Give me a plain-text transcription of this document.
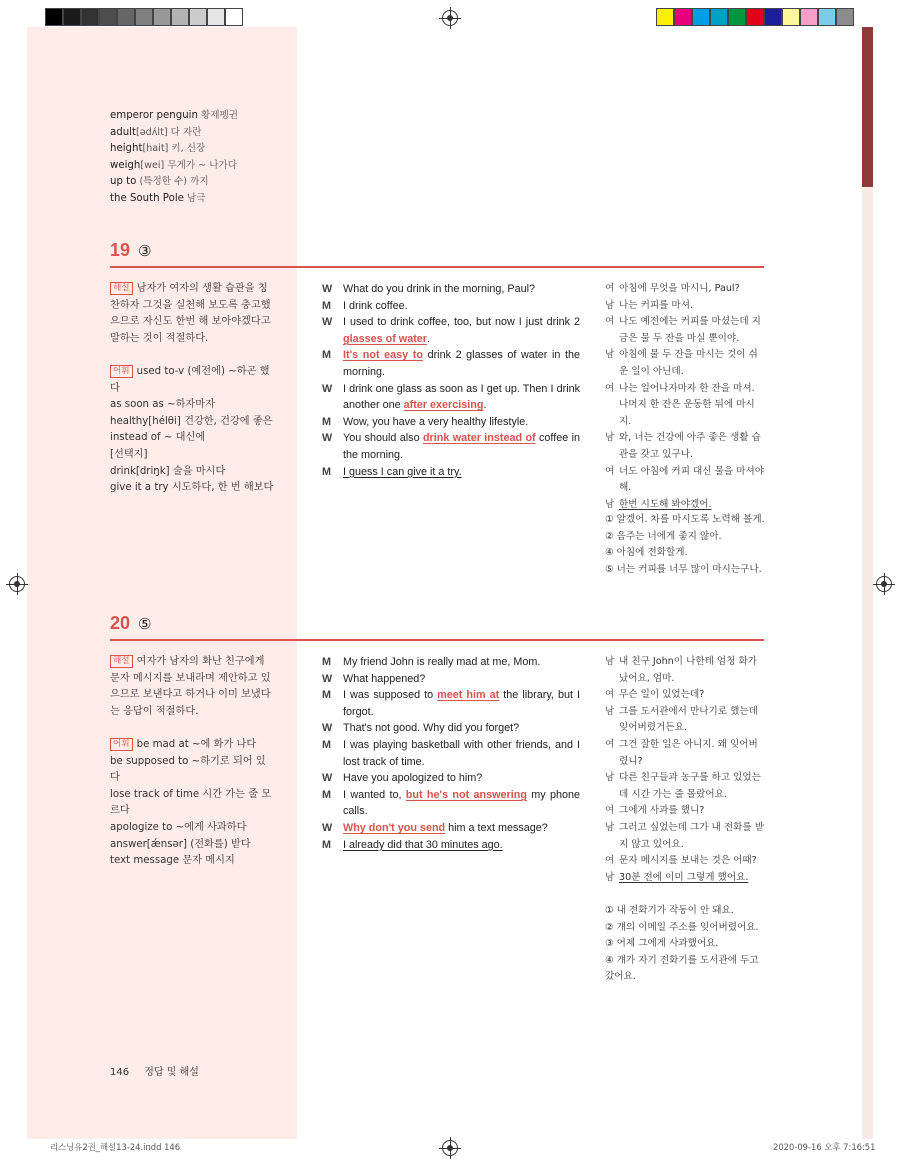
emperor penguin 황제펭귄
adult[ədʌ́lt] 다 자란
height[hait] 키, 신장
weigh[wei] 무게가 ~ 나가다
up to (특정한 수) 까지
the South Pole 남극
19 ③
해설 남자가 여자의 생활 습관을 칭찬하자 그것을 실천해 보도록 충고했으므로 자신도 한번 해 보아야겠다고 말하는 것이 적절하다.
어휘 used to-v (예전에) ~하곤 했다
as soon as ~하자마자
healthy[hélθi] 건강한, 건강에 좋은
instead of ~ 대신에
[선택지]
drink[driŋk] 술을 마시다
give it a try 시도하다, 한 번 해보다
W What do you drink in the morning, Paul?
M	I drink coffee.
W I used to drink coffee, too, but now I just drink 2 glasses of water.
M	It's not easy to drink 2 glasses of water in the morning.
W I drink one glass as soon as I get up. Then I drink another one after exercising.
M	Wow, you have a very healthy lifestyle.
W You should also drink water instead of coffee in the morning.
M	I guess I can give it a try.
여 아침에 무엇을 마시니, Paul?
남 나는 커피를 마셔.
여 나도 예전에는 커피를 마셨는데 지금은 물 두 잔을 마실 뿐이야.
남 아침에 물 두 잔을 마시는 것이 쉬운 일이 아닌데.
여 나는 일어나자마자 한 잔을 마셔. 나머지 한 잔은 운동한 뒤에 마시지.
남 와, 너는 건강에 아주 좋은 생활 습관을 갖고 있구나.
여 너도 아침에 커피 대신 물을 마셔야 해.
남 한번 시도해 봐야겠어.
① 알겠어. 차를 마시도록 노력해 볼게.
② 음주는 너에게 좋지 않아.
④ 아침에 전화할게.
⑤ 너는 커피를 너무 많이 마시는구나.
20 ⑤
해설 여자가 남자의 화난 친구에게 문자 메시지를 보내라며 제안하고 있으므로 보낸다고 하거나 이미 보냈다는 응답이 적절하다.
어휘 be mad at ~에 화가 나다
be supposed to ~하기로 되어 있다
lose track of time 시간 가는 줄 모르다
apologize to ~에게 사과하다
answer[ǽnsər] (전화를) 받다
text message 문자 메시지
M	My friend John is really mad at me, Mom.
W What happened?
M	I was supposed to meet him at the library, but I forgot.
W That's not good. Why did you forget?
M	I was playing basketball with other friends, and I lost track of time.
W Have you apologized to him?
M	I wanted to, but he's not answering my phone calls.
W Why don't you send him a text message?
M	I already did that 30 minutes ago.
남 내 친구 John이 나한테 엄청 화가 났어요, 엄마.
여 무슨 일이 있었는데?
남 그를 도서관에서 만나기로 했는데 잊어버렸거든요.
여 그건 잘한 일은 아니지. 왜 잊어버렸니?
남 다른 친구들과 농구를 하고 있었는데 시간 가는 줄 몰랐어요.
여 그에게 사과를 했니?
남 그러고 싶었는데 그가 내 전화를 받지 않고 있어요.
여 문자 메시지를 보내는 것은 어때?
남 30분 전에 이미 그렇게 했어요.
① 내 전화기가 작동이 안 돼요.
② 걔의 이메일 주소를 잊어버렸어요.
③ 어제 그에게 사과했어요.
④ 걔가 자기 전화기를 도서관에 두고 갔어요.
146 정답 및 해설
리스닝유2권_해설13-24.indd 146	2020-09-16 오후 7:16:51
